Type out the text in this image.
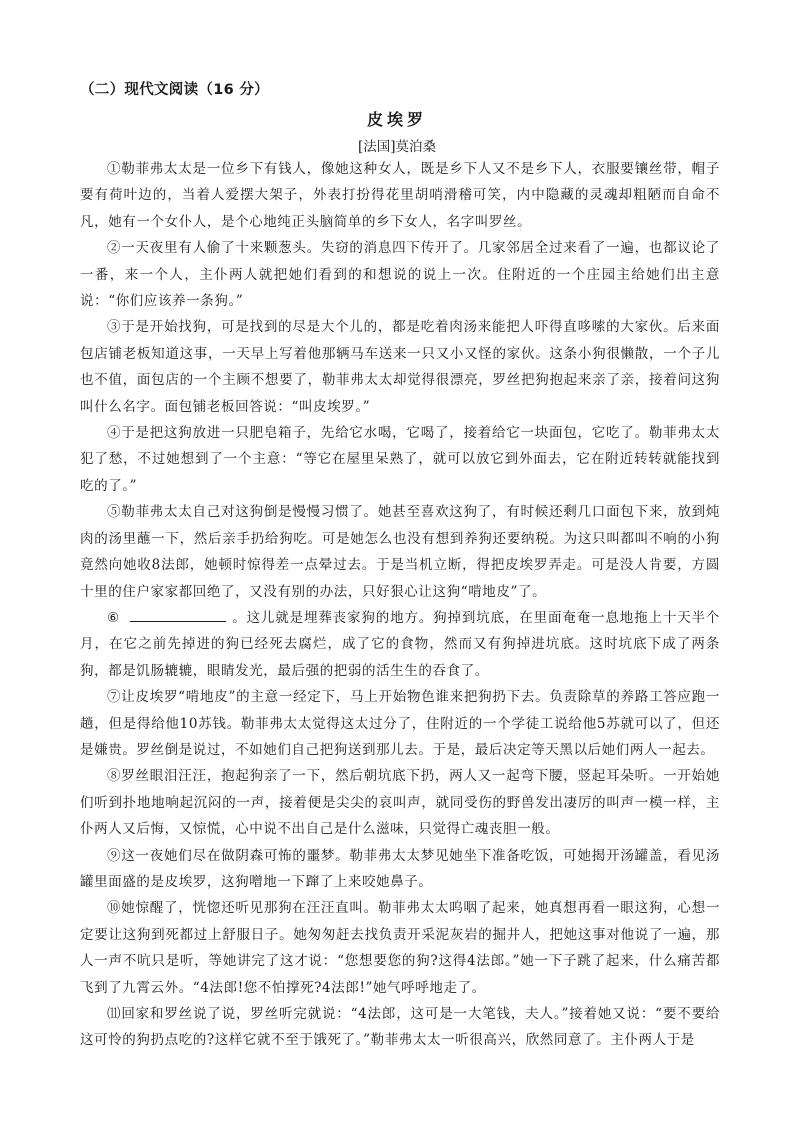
（二）现代文阅读（16 分）
皮埃罗
[法国]莫泊桑

①勒菲弗太太是一位乡下有钱人，像她这种女人，既是乡下人又不是乡下人，衣服要镶丝带，帽子要有荷叶边的，当着人爱摆大架子，外表打扮得花里胡哨滑稽可笑，内中隐藏的灵魂却粗陋而自命不凡，她有一个女仆人，是个心地纯正头脑简单的乡下女人，名字叫罗丝。

②一天夜里有人偷了十来颗葱头。失窃的消息四下传开了。几家邻居全过来看了一遍，也都议论了一番，来一个人，主仆两人就把她们看到的和想说的说上一次。住附近的一个庄园主给她们出主意说：“你们应该养一条狗。”

③于是开始找狗，可是找到的尽是大个儿的，都是吃着肉汤来能把人吓得直哆嗦的大家伙。后来面包店铺老板知道这事，一天早上写着他那辆马车送来一只又小又怪的家伙。这条小狗很懒散，一个子儿也不值，面包店的一个主顾不想要了，勒菲弗太太却觉得很漂亮，罗丝把狗抱起来亲了亲，接着问这狗叫什么名字。面包铺老板回答说：“叫皮埃罗。”

④于是把这狗放进一只肥皂箱子，先给它水喝，它喝了，接着给它一块面包，它吃了。勒菲弗太太犯了愁，不过她想到了一个主意：“等它在屋里呆熟了，就可以放它到外面去，它在附近转转就能找到吃的了。”

⑤勒菲弗太太自己对这狗倒是慢慢习惯了。她甚至喜欢这狗了，有时候还剩几口面包下来，放到炖肉的汤里蘸一下，然后亲手扔给狗吃。可是她怎么也没有想到养狗还要纳税。为这只叫都叫不响的小狗竟然向她收8法郎，她顿时惊得差一点晕过去。于是当机立断，得把皮埃罗弄走。可是没人肯要，方圆十里的住户家家都回绝了，又没有别的办法，只好狠心让这狗“啃地皮”了。

⑥	。这儿就是埋葬丧家狗的地方。狗掉到坑底，在里面奄奄一息地拖上十天半个月，在它之前先掉进的狗已经死去腐烂，成了它的食物，然而又有狗掉进坑底。这时坑底下成了两条狗，都是饥肠辘辘，眼睛发光，最后强的把弱的活生生的吞食了。

⑦让皮埃罗“啃地皮”的主意一经定下，马上开始物色谁来把狗扔下去。负责除草的养路工答应跑一趟，但是得给他10苏钱。勒菲弗太太觉得这太过分了，住附近的一个学徒工说给他5苏就可以了，但还是嫌贵。罗丝倒是说过，不如她们自己把狗送到那儿去。于是，最后决定等天黑以后她们两人一起去。

⑧罗丝眼泪汪汪，抱起狗亲了一下，然后朝坑底下扔，两人又一起弯下腰，竖起耳朵听。一开始她们听到扑地地响起沉闷的一声，接着便是尖尖的哀叫声，就同受伤的野兽发出凄厉的叫声一模一样，主仆两人又后悔，又惊慌，心中说不出自己是什么滋味，只觉得亡魂丧胆一般。

⑨这一夜她们尽在做阴森可怖的噩梦。勒菲弗太太梦见她坐下准备吃饭，可她揭开汤罐盖，看见汤罐里面盛的是皮埃罗，这狗噌地一下蹿了上来咬她鼻子。

⑩她惊醒了，恍惚还听见那狗在汪汪直叫。勒菲弗太太呜咽了起来，她真想再看一眼这狗，心想一定要让这狗到死都过上舒服日子。她匆匆赶去找负责开采泥灰岩的掘井人，把她这事对他说了一遍，那人一声不吭只是听，等她讲完了这才说：“您想要您的狗?这得4法郎。”她一下子跳了起来，什么痛苦都飞到了九霄云外。“4法郎!您不怕撑死?4法郎!”她气呼呼地走了。

⑾回家和罗丝说了说，罗丝听完就说：“4法郎，这可是一大笔钱，夫人。”接着她又说：“要不要给这可怜的狗扔点吃的?这样它就不至于饿死了。”勒菲弗太太一听很高兴，欣然同意了。主仆两人于是
